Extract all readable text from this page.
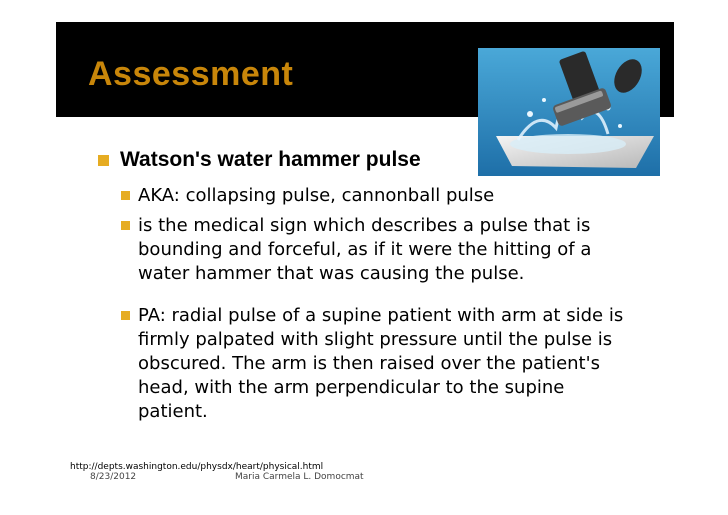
Assessment
Watson's water hammer pulse
AKA: collapsing pulse, cannonball pulse
is the medical sign which describes a pulse that is bounding and forceful, as if it were the hitting of a water hammer that was causing the pulse.
PA: radial pulse of a supine patient with arm at side is firmly palpated with slight pressure until the pulse is obscured. The arm is then raised over the patient's head, with the arm perpendicular to the supine patient.
http://depts.washington.edu/physdx/heart/physical.html
8/23/2012	Maria Carmela L. Domocmat
